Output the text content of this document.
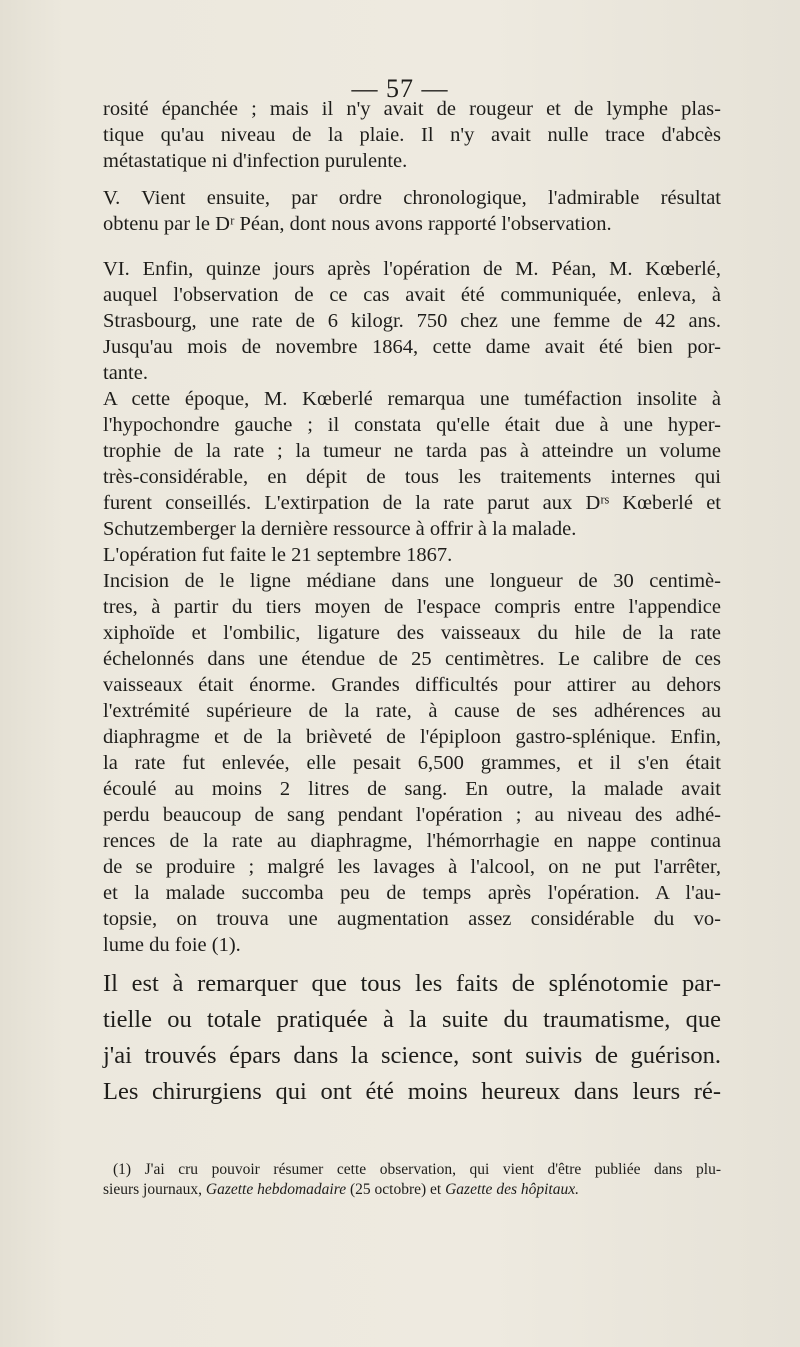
— 57 —
rosité épanchée ; mais il n'y avait de rougeur et de lymphe plas-
tique qu'au niveau de la plaie. Il n'y avait nulle trace d'abcès
métastatique ni d'infection purulente.
V. Vient ensuite, par ordre chronologique, l'admirable résultat
obtenu par le Dʳ Péan, dont nous avons rapporté l'observation.
VI. Enfin, quinze jours après l'opération de M. Péan, M. Kœberlé,
auquel l'observation de ce cas avait été communiquée, enleva, à
Strasbourg, une rate de 6 kilogr. 750 chez une femme de 42 ans.
Jusqu'au mois de novembre 1864, cette dame avait été bien por-
tante.
A cette époque, M. Kœberlé remarqua une tuméfaction insolite à
l'hypochondre gauche ; il constata qu'elle était due à une hyper-
trophie de la rate ; la tumeur ne tarda pas à atteindre un volume
très-considérable, en dépit de tous les traitements internes qui
furent conseillés. L'extirpation de la rate parut aux Dʳˢ Kœberlé et
Schutzemberger la dernière ressource à offrir à la malade.
L'opération fut faite le 21 septembre 1867.
Incision de le ligne médiane dans une longueur de 30 centimè-
tres, à partir du tiers moyen de l'espace compris entre l'appendice
xiphoïde et l'ombilic, ligature des vaisseaux du hile de la rate
échelonnés dans une étendue de 25 centimètres. Le calibre de ces
vaisseaux était énorme. Grandes difficultés pour attirer au dehors
l'extrémité supérieure de la rate, à cause de ses adhérences au
diaphragme et de la brièveté de l'épiploon gastro-splénique. Enfin,
la rate fut enlevée, elle pesait 6,500 grammes, et il s'en était
écoulé au moins 2 litres de sang. En outre, la malade avait
perdu beaucoup de sang pendant l'opération ; au niveau des adhé-
rences de la rate au diaphragme, l'hémorrhagie en nappe continua
de se produire ; malgré les lavages à l'alcool, on ne put l'arrêter,
et la malade succomba peu de temps après l'opération. A l'au-
topsie, on trouva une augmentation assez considérable du vo-
lume du foie (1).
Il est à remarquer que tous les faits de splénotomie par-
tielle ou totale pratiquée à la suite du traumatisme, que
j'ai trouvés épars dans la science, sont suivis de guérison.
Les chirurgiens qui ont été moins heureux dans leurs ré-
(1) J'ai cru pouvoir résumer cette observation, qui vient d'être publiée dans plu-
sieurs journaux, Gazette hebdomadaire (25 octobre) et Gazette des hôpitaux.
